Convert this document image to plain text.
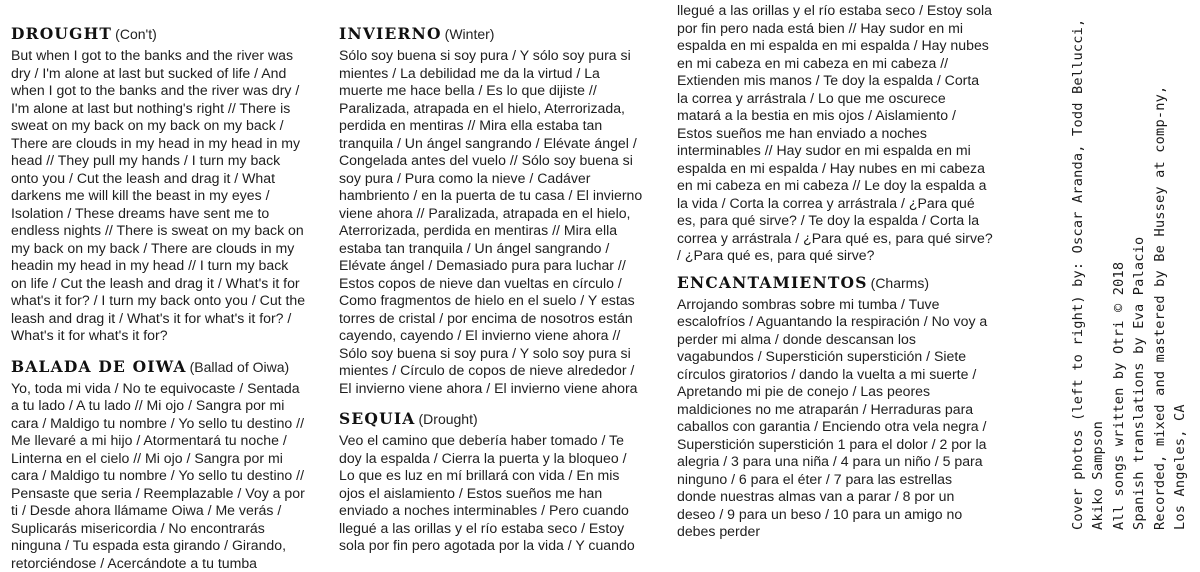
DROUGHT (Con't)

But when I got to the banks and the river was dry / I'm alone at last but sucked of life / And when I got to the banks and the river was dry / I'm alone at last but nothing's right // There is sweat on my back on my back on my back / There are clouds in my head in my head in my head // They pull my hands / I turn my back onto you / Cut the leash and drag it / What darkens me will kill the beast in my eyes / Isolation / These dreams have sent me to endless nights // There is sweat on my back on my back on my back / There are clouds in my headin my head in my head // I turn my back on life / Cut the leash and drag it / What's it for what's it for? / I turn my back onto you / Cut the leash and drag it / What's it for what's it for? / What's it for what's it for?

BALADA DE OIWA (Ballad of Oiwa)

Yo, toda mi vida / No te equivocaste / Sentada a tu lado / A tu lado // Mi ojo / Sangra por mi cara / Maldigo tu nombre / Yo sello tu destino // Me llevaré a mi hijo / Atormentará tu noche / Linterna en el cielo // Mi ojo / Sangra por mi cara / Maldigo tu nombre / Yo sello tu destino // Pensaste que seria / Reemplazable / Voy a por ti / Desde ahora llámame Oiwa / Me verás / Suplicarás misericordia / No encontrarás ninguna / Tu espada esta girando / Girando, retorciéndose / Acercándote a tu tumba

INVIERNO (Winter)

Sólo soy buena si soy pura / Y sólo soy pura si mientes / La debilidad me da la virtud / La muerte me hace bella / Es lo que dijiste // Paralizada, atrapada en el hielo, Aterrorizada, perdida en mentiras // Mira ella estaba tan tranquila / Un ángel sangrando / Elévate ángel / Congelada antes del vuelo // Sólo soy buena si soy pura / Pura como la nieve / Cadáver hambriento / en la puerta de tu casa / El invierno viene ahora // Paralizada, atrapada en el hielo, Aterrorizada, perdida en mentiras // Mira ella estaba tan tranquila / Un ángel sangrando / Elévate ángel / Demasiado pura para luchar // Estos copos de nieve dan vueltas en círculo / Como fragmentos de hielo en el suelo / Y estas torres de cristal / por encima de nosotros están cayendo, cayendo / El invierno viene ahora // Sólo soy buena si soy pura / Y solo soy pura si mientes / Círculo de copos de nieve alrededor / El invierno viene ahora / El invierno viene ahora

SEQUIA (Drought)

Veo el camino que debería haber tomado / Te doy la espalda / Cierra la puerta y la bloqueo / Lo que es luz en mí brillará con vida / En mis ojos el aislamiento / Estos sueños me han enviado a noches interminables / Pero cuando llegué a las orillas y el río estaba seco / Estoy sola por fin pero agotada por la vida / Y cuando

llegué a las orillas y el río estaba seco / Estoy sola por fin pero nada está bien // Hay sudor en mi espalda en mi espalda en mi espalda / Hay nubes en mi cabeza en mi cabeza en mi cabeza // Extienden mis manos / Te doy la espalda / Corta la correa y arrástrala / Lo que me oscurece matará a la bestia en mis ojos / Aislamiento / Estos sueños me han enviado a noches interminables // Hay sudor en mi espalda en mi espalda en mi espalda / Hay nubes en mi cabeza en mi cabeza en mi cabeza // Le doy la espalda a la vida / Corta la correa y arrástrala / ¿Para qué es, para qué sirve? / Te doy la espalda / Corta la correa y arrástrala / ¿Para qué es, para qué sirve? / ¿Para qué es, para qué sirve?

ENCANTAMIENTOS (Charms)

Arrojando sombras sobre mi tumba / Tuve escalofríos / Aguantando la respiración / No voy a perder mi alma / donde descansan los vagabundos / Superstición superstición / Siete círculos giratorios / dando la vuelta a mi suerte / Apretando mi pie de conejo / Las peores maldiciones no me atraparán / Herraduras para caballos con garantia / Enciendo otra vela negra / Superstición superstición 1 para el dolor / 2 por la alegria / 3 para una niña / 4 para un niño / 5 para ninguno / 6 para el éter / 7 para las estrellas donde nuestras almas van a parar / 8 por un deseo / 9 para un beso / 10 para un amigo no debes perder

Cover photos (left to right) by: Oscar Aranda, Todd Bellucci, Akiko Sampson All songs written by Otri © 2018 Spanish translations by Eva Palacio Recorded, mixed and mastered by Be Hussey at comp-ny, Los Angeles, CA
